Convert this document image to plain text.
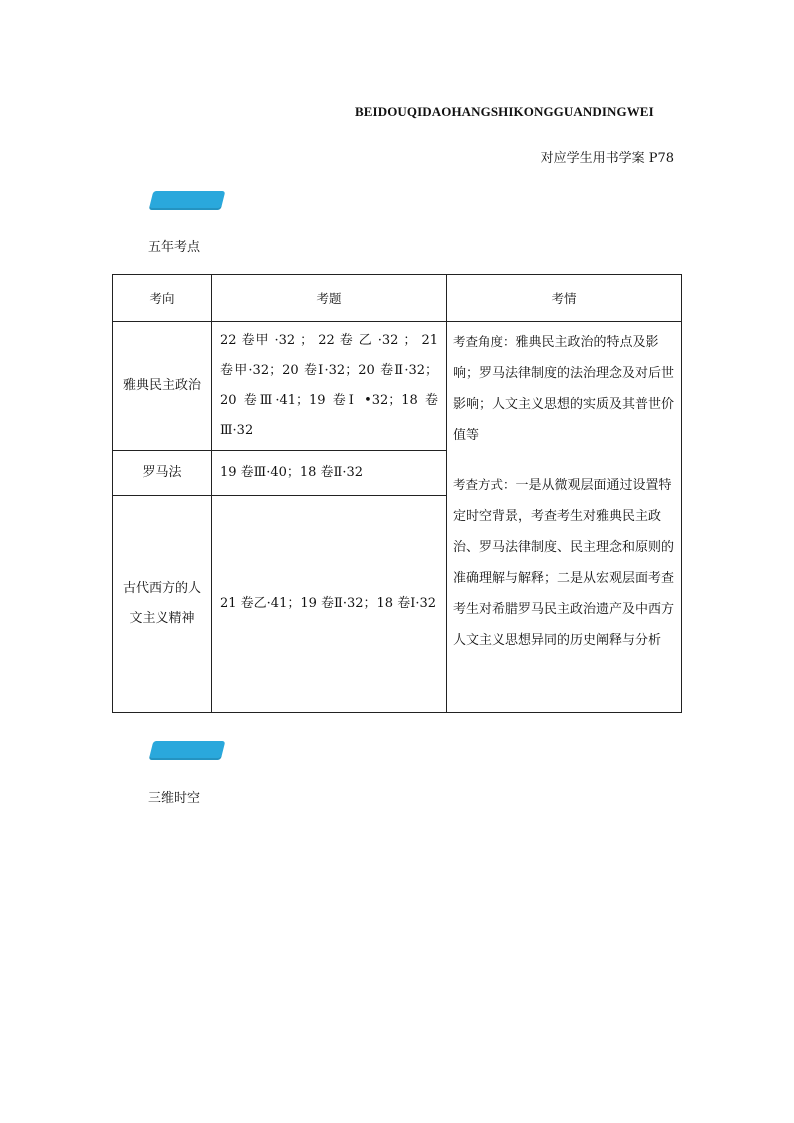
BEIDOUQIDAOHANGSHIKONGGUANDINGWEI
对应学生用书学案 P78
五年考点
考向	考题	考情
雅典民主政治	22 卷甲 ·32 ； 22 卷 乙 ·32 ； 21 卷甲·32；20 卷Ⅰ·32；20 卷Ⅱ·32；20 卷Ⅲ·41；19 卷Ⅰ •32；18 卷Ⅲ·32	考查角度：雅典民主政治的特点及影响；罗马法律制度的法治理念及对后世影响；人文主义思想的实质及其普世价值等
考查方式：一是从微观层面通过设置特定时空背景，考查考生对雅典民主政治、罗马法律制度、民主理念和原则的准确理解与解释；二是从宏观层面考查考生对希腊罗马民主政治遗产及中西方人文主义思想异同的历史阐释与分析

罗马法	19 卷Ⅲ·40；18 卷Ⅱ·32	
古代西方的人文主义精神	21 卷乙·41；19 卷Ⅱ·32；18 卷Ⅰ·32	
三维时空
